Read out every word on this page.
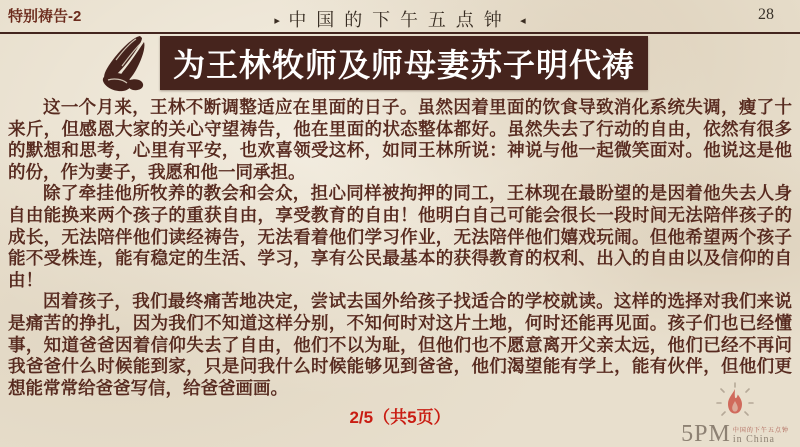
特别祷告-2	▸ 中国的下午五点钟 ◂	28
为王林牧师及师母妻苏子明代祷

这一个月来，王林不断调整适应在里面的日子。虽然因着里面的饮食导致消化系统失调，瘦了十来斤，但感恩大家的关心守望祷告，他在里面的状态整体都好。虽然失去了行动的自由，依然有很多的默想和思考，心里有平安，也欢喜领受这杯，如同王林所说：神说与他一起微笑面对。他说这是他的份，作为妻子，我愿和他一同承担。

除了牵挂他所牧养的教会和会众，担心同样被拘押的同工，王林现在最盼望的是因着他失去人身自由能换来两个孩子的重获自由，享受教育的自由！他明白自己可能会很长一段时间无法陪伴孩子的成长，无法陪伴他们读经祷告，无法看着他们学习作业，无法陪伴他们嬉戏玩闹。但他希望两个孩子能不受株连，能有稳定的生活、学习，享有公民最基本的获得教育的权利、出入的自由以及信仰的自由！

因着孩子，我们最终痛苦地决定，尝试去国外给孩子找适合的学校就读。这样的选择对我们来说是痛苦的挣扎，因为我们不知道这样分别，不知何时对这片土地，何时还能再见面。孩子们也已经懂事，知道爸爸因着信仰失去了自由，他们不以为耻，但他们也不愿意离开父亲太远，他们已经不再问我爸爸什么时候能到家，只是问我什么时候能够见到爸爸，他们渴望能有学上，能有伙伴，但他们更想能常常给爸爸写信，给爸爸画画。

2/5（共5页）
5PM 中国的下午五点钟
in China
